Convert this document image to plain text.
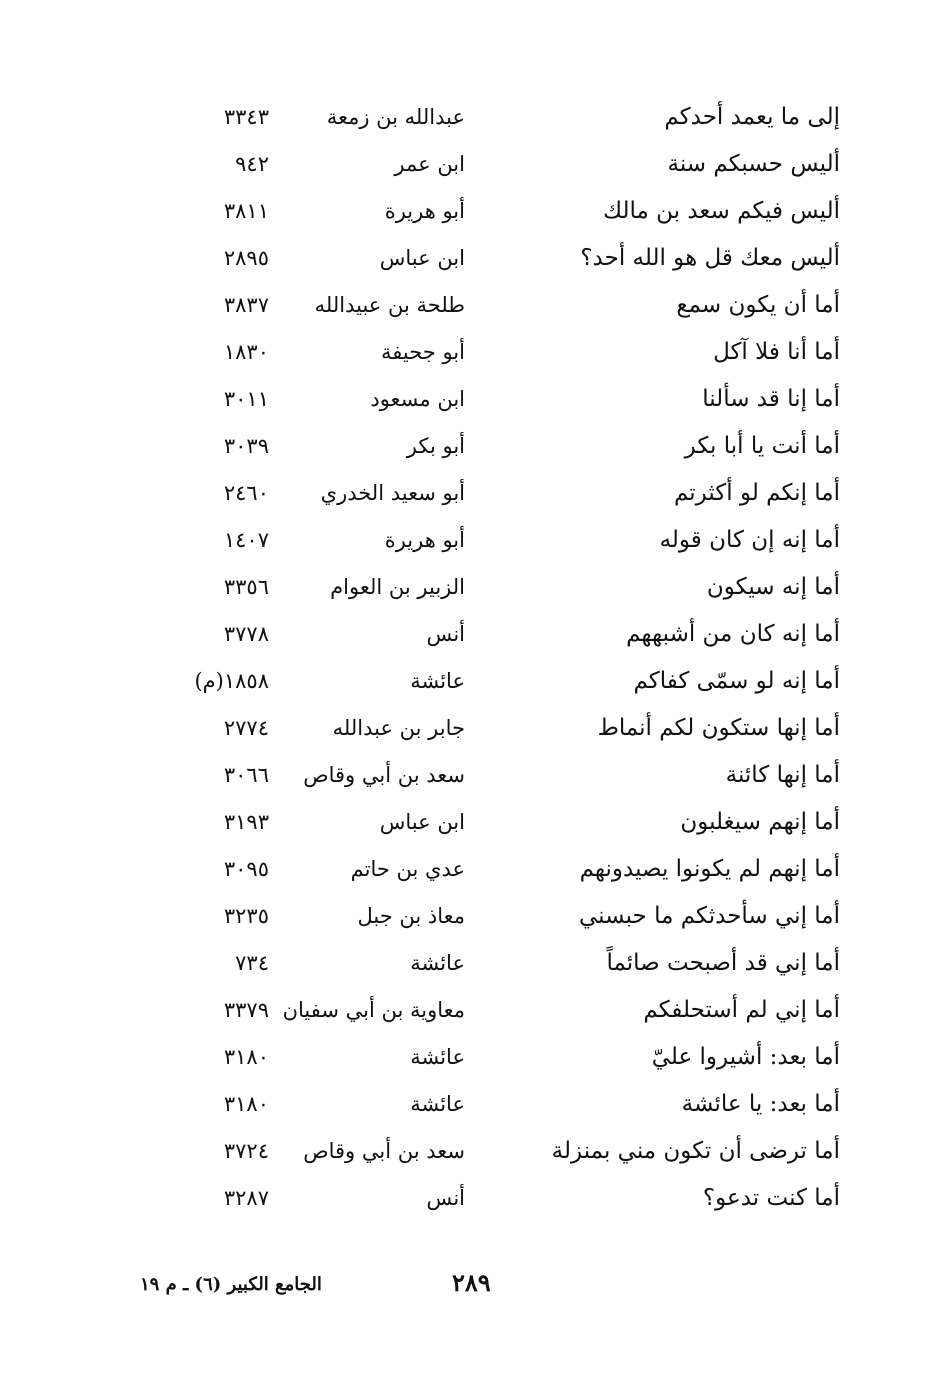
إلى ما يعمد أحدكم
عبدالله بن زمعة
٣٣٤٣
أليس حسبكم سنة
ابن عمر
٩٤٢
أليس فيكم سعد بن مالك
أبو هريرة
٣٨١١
أليس معك قل هو الله أحد؟
ابن عباس
٢٨٩٥
أما أن يكون سمع
طلحة بن عبيدالله
٣٨٣٧
أما أنا فلا آكل
أبو جحيفة
١٨٣٠
أما إنا قد سألنا
ابن مسعود
٣٠١١
أما أنت يا أبا بكر
أبو بكر
٣٠٣٩
أما إنكم لو أكثرتم
أبو سعيد الخدري
٢٤٦٠
أما إنه إن كان قوله
أبو هريرة
١٤٠٧
أما إنه سيكون
الزبير بن العوام
٣٣٥٦
أما إنه كان من أشبههم
أنس
٣٧٧٨
أما إنه لو سمّى كفاكم
عائشة
١٨٥٨(م)
أما إنها ستكون لكم أنماط
جابر بن عبدالله
٢٧٧٤
أما إنها كائنة
سعد بن أبي وقاص
٣٠٦٦
أما إنهم سيغلبون
ابن عباس
٣١٩٣
أما إنهم لم يكونوا يصيدونهم
عدي بن حاتم
٣٠٩٥
أما إني سأحدثكم ما حبسني
معاذ بن جبل
٣٢٣٥
أما إني قد أصبحت صائماً
عائشة
٧٣٤
أما إني لم أستحلفكم
معاوية بن أبي سفيان
٣٣٧٩
أما بعد: أشيروا عليّ
عائشة
٣١٨٠
أما بعد: يا عائشة
عائشة
٣١٨٠
أما ترضى أن تكون مني بمنزلة
سعد بن أبي وقاص
٣٧٢٤
أما كنت تدعو؟
أنس
٣٢٨٧
٢٨٩
الجامع الكبير (٦) ـ م ١٩
